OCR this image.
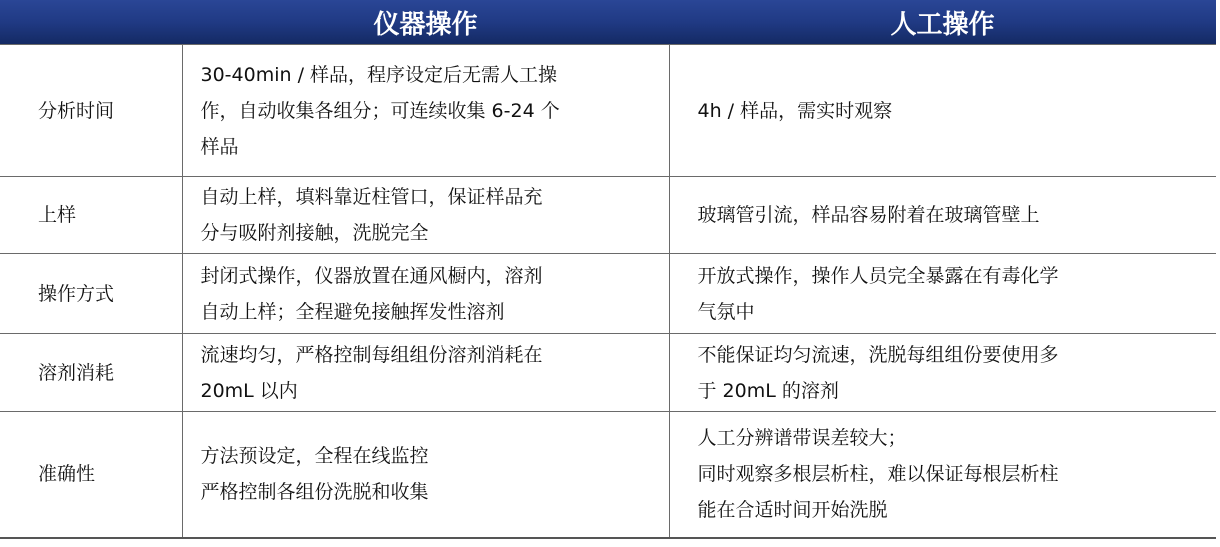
	仪器操作	人工操作
分析时间	30-40min / 样品，程序设定后无需人工操
作，自动收集各组分；可连续收集 6-24 个
样品	4h / 样品，需实时观察

上样	自动上样，填料靠近柱管口，保证样品充
分与吸附剂接触，洗脱完全	玻璃管引流，样品容易附着在玻璃管壁上

操作方式	封闭式操作，仪器放置在通风橱内，溶剂
自动上样；全程避免接触挥发性溶剂	开放式操作，操作人员完全暴露在有毒化学
气氛中

溶剂消耗	流速均匀，严格控制每组组份溶剂消耗在
20mL 以内	不能保证均匀流速，洗脱每组组份要使用多
于 20mL 的溶剂

准确性	方法预设定，全程在线监控
严格控制各组份洗脱和收集	人工分辨谱带误差较大；
同时观察多根层析柱，难以保证每根层析柱
能在合适时间开始洗脱
